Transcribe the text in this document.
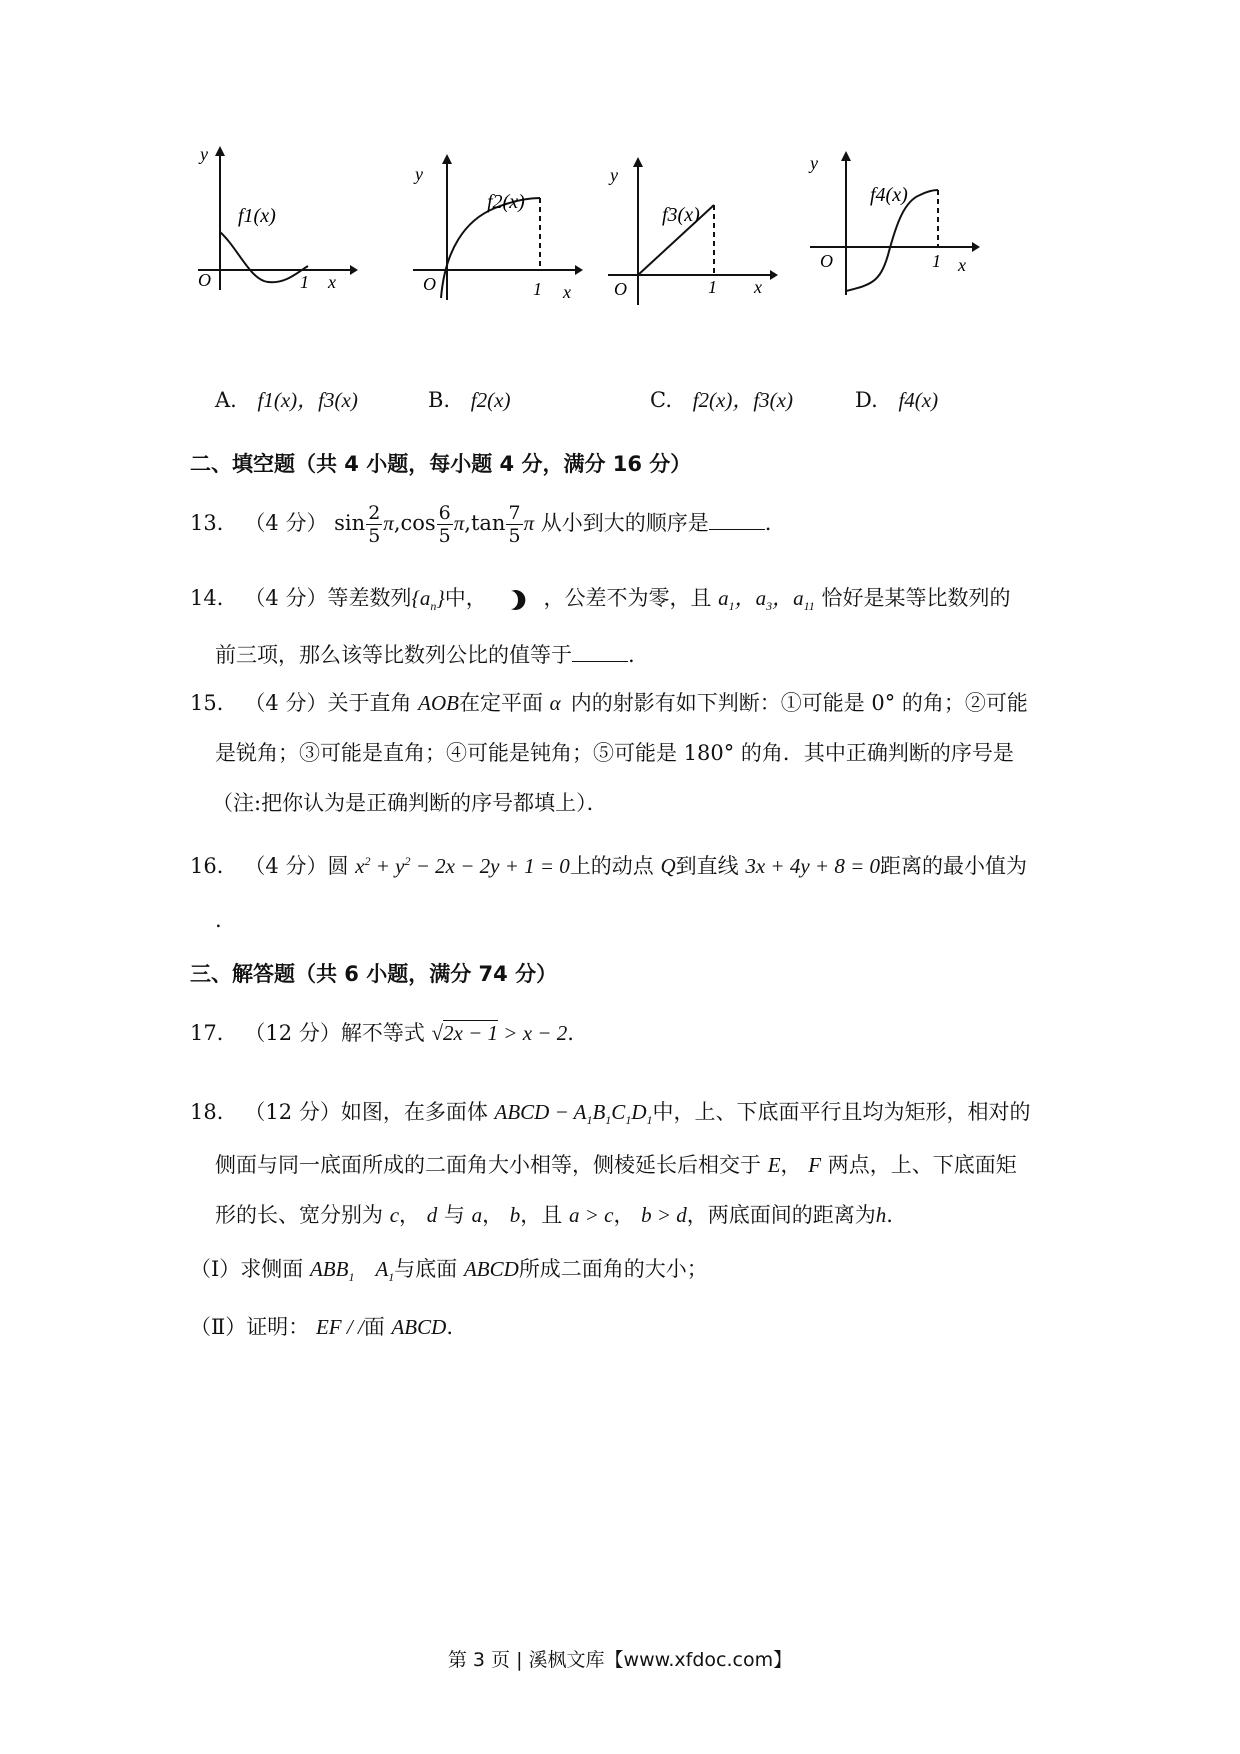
y
O	1 x
f1(x)
y
O	1 x
f2(x)
y
O	1 x
f3(x)
y
O	1 x
f4(x)
A. f1(x)，f3(x)	B. f2(x)	C. f2(x)，f3(x)	D. f4(x)
二、填空题（共 4 小题，每小题 4 分，满分 16 分）
13． （4 分） $\sin \frac{2}{5} \pi,\cos \frac{6}{5} \pi,\tan \frac{7}{5}$ π 从小到大的顺序是	.
14． （4 分）等差数列$\{a_n\}$中，	，公差不为零，且 $a_1$，$a_3$，$a_{11}$ 恰好是某等比数列的
前三项，那么该等比数列公比的值等于	.
15． （4 分）关于直角 AOB在定平面 α 内的射影有如下判断：①可能是 0° 的角；②可能
是锐角；③可能是直角；④可能是钝角；⑤可能是 180° 的角．其中正确判断的序号是
（注:把你认为是正确判断的序号都填上）．
16． （4 分）圆 $x^2 + y^2 - 2x - 2y + 1 = 0$上的动点 Q到直线 3x + 4y + 8 = 0距离的最小值为
.
三、解答题（共 6 小题，满分 74 分）
17． （12 分）解不等式 √2x − 1 > x − 2.
18． （12 分）如图，在多面体 ABCD − $A_1B_1C_1D_1$中，上、下底面平行且均为矩形，相对的
侧面与同一底面所成的二面角大小相等，侧棱延长后相交于 E， F 两点，上、下底面矩
形的长、宽分别为 c， d 与 a， b，且 a > c， b > d，两底面间的距离为h.
（Ⅰ）求侧面 $ABB_1$　$A_1$与底面 ABCD所成二面角的大小；
（Ⅱ）证明： EF / /面 ABCD.
第 3 页 | 溪枫文库【www.xfdoc.com】
